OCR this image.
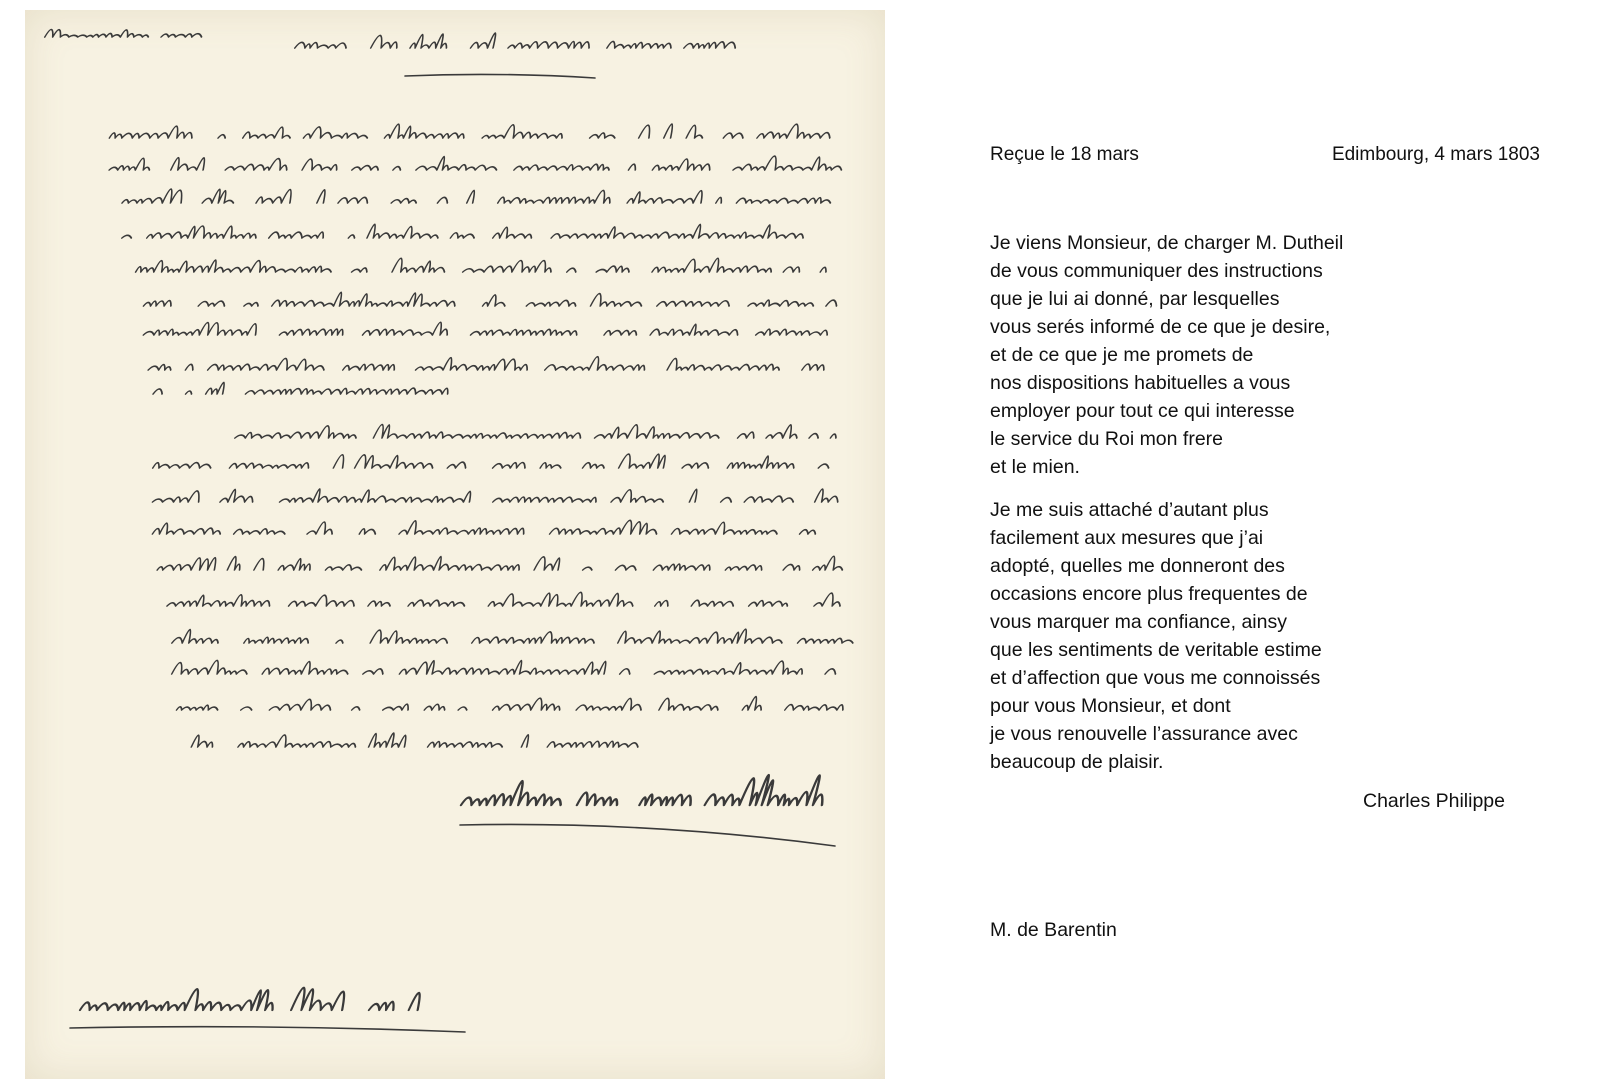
Reçue le 18 mars	Edimbourg, 4 mars 1803

Je viens Monsieur, de charger M. Dutheil
de vous communiquer des instructions
que je lui ai donné, par lesquelles
vous serés informé de ce que je desire,
et de ce que je me promets de
nos dispositions habituelles a vous
employer pour tout ce qui interesse
le service du Roi mon frere
et le mien.

Je me suis attaché d’autant plus
facilement aux mesures que j’ai
adopté, quelles me donneront des
occasions encore plus frequentes de
vous marquer ma confiance, ainsy
que les sentiments de veritable estime
et d’affection que vous me connoissés
pour vous Monsieur, et dont
je vous renouvelle l’assurance avec
beaucoup de plaisir.

Charles Philippe
M. de Barentin
